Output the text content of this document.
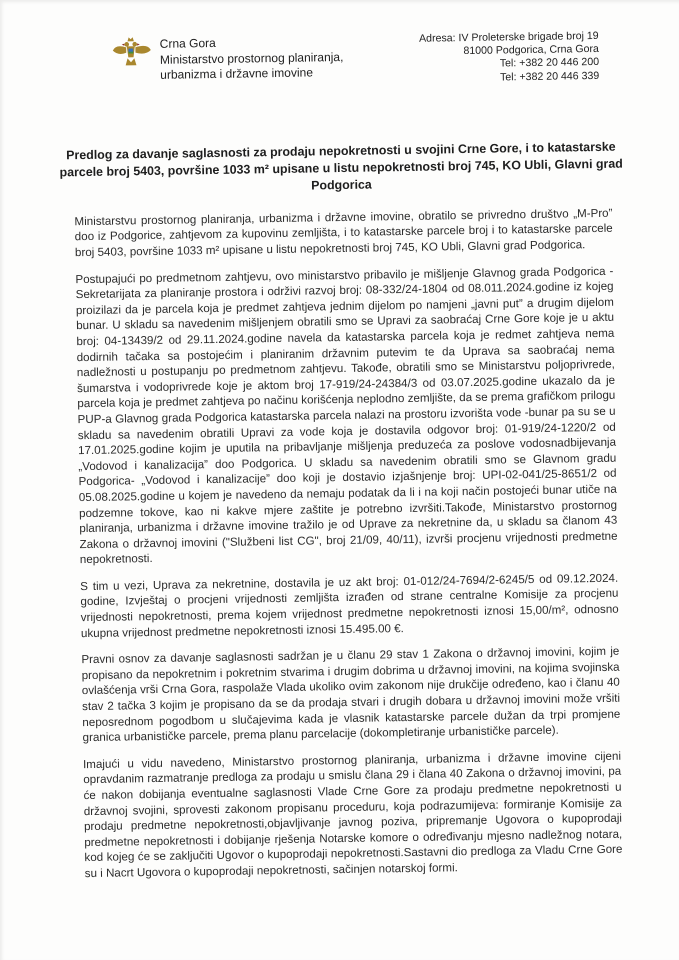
Crna Gora
Ministarstvo prostornog planiranja,
urbanizma i državne imovine
Adresa: IV Proleterske brigade broj 19
81000 Podgorica, Crna Gora
Tel: +382 20 446 200
Tel: +382 20 446 339
Predlog za davanje saglasnosti za prodaju nepokretnosti u svojini Crne Gore, i to katastarske parcele broj 5403, površine 1033 m² upisane u listu nepokretnosti broj 745, KO Ubli, Glavni grad Podgorica

Ministarstvu prostornog planiranja, urbanizma i državne imovine, obratilo se privredno društvo „M-Pro” doo iz Podgorice, zahtjevom za kupovinu zemljišta, i to katastarske parcele broj i to katastarske parcele broj 5403, površine 1033 m² upisane u listu nepokretnosti broj 745, KO Ubli, Glavni grad Podgorica.

Postupajući po predmetnom zahtjevu, ovo ministarstvo pribavilo je mišljenje Glavnog grada Podgorica -Sekretarijata za planiranje prostora i održivi razvoj broj: 08-332/24-1804 od 08.011.2024.godine iz kojeg proizilazi da je parcela koja je predmet zahtjeva jednim dijelom po namjeni „javni put” a drugim dijelom bunar. U skladu sa navedenim mišljenjem obratili smo se Upravi za saobraćaj Crne Gore koje je u aktu broj: 04-13439/2 od 29.11.2024.godine navela da katastarska parcela koja je redmet zahtjeva nema dodirnih tačaka sa postojećim i planiranim državnim putevim te da Uprava sa saobraćaj nema nadležnosti u postupanju po predmetnom zahtjevu. Takođe, obratili smo se Ministarstvu poljoprivrede, šumarstva i vodoprivrede koje je aktom broj 17-919/24-24384/3 od 03.07.2025.godine ukazalo da je parcela koja je predmet zahtjeva po načinu korišćenja neplodno zemljište, da se prema grafičkom prilogu PUP-a Glavnog grada Podgorica katastarska parcela nalazi na prostoru izvorišta vode -bunar pa su se u skladu sa navedenim obratili Upravi za vode koja je dostavila odgovor broj: 01-919/24-1220/2 od 17.01.2025.godine kojim je uputila na pribavljanje mišljenja preduzeća za poslove vodosnadbijevanja „Vodovod i kanalizacija” doo Podgorica. U skladu sa navedenim obratili smo se Glavnom gradu Podgorica- „Vodovod i kanalizacije” doo koji je dostavio izjašnjenje broj: UPI-02-041/25-8651/2 od 05.08.2025.godine u kojem je navedeno da nemaju podatak da li i na koji način postojeći bunar utiče na podzemne tokove, kao ni kakve mjere zaštite je potrebno izvršiti.Takođe, Ministarstvo prostornog planiranja, urbanizma i državne imovine tražilo je od Uprave za nekretnine da, u skladu sa članom 43 Zakona o državnoj imovini ("Službeni list CG", broj 21/09, 40/11), izvrši procjenu vrijednosti predmetne nepokretnosti.

S tim u vezi, Uprava za nekretnine, dostavila je uz akt broj: 01-012/24-7694/2-6245/5 od 09.12.2024. godine, Izvještaj o procjeni vrijednosti zemljišta izrađen od strane centralne Komisije za procjenu vrijednosti nepokretnosti, prema kojem vrijednost predmetne nepokretnosti iznosi 15,00/m², odnosno ukupna vrijednost predmetne nepokretnosti iznosi 15.495.00 €.

Pravni osnov za davanje saglasnosti sadržan je u članu 29 stav 1 Zakona o državnoj imovini, kojim je propisano da nepokretnim i pokretnim stvarima i drugim dobrima u državnoj imovini, na kojima svojinska ovlašćenja vrši Crna Gora, raspolaže Vlada ukoliko ovim zakonom nije drukčije određeno, kao i članu 40 stav 2 tačka 3 kojim je propisano da se da prodaja stvari i drugih dobara u državnoj imovini može vršiti neposrednom pogodbom u slučajevima kada je vlasnik katastarske parcele dužan da trpi promjene granica urbanističke parcele, prema planu parcelacije (dokompletiranje urbanističke parcele).

Imajući u vidu navedeno, Ministarstvo prostornog planiranja, urbanizma i državne imovine cijeni opravdanim razmatranje predloga za prodaju u smislu člana 29 i člana 40 Zakona o državnoj imovini, pa će nakon dobijanja eventualne saglasnosti Vlade Crne Gore za prodaju predmetne nepokretnosti u državnoj svojini, sprovesti zakonom propisanu proceduru, koja podrazumijeva: formiranje Komisije za prodaju predmetne nepokretnosti,objavljivanje javnog poziva, pripremanje Ugovora o kupoprodaji predmetne nepokretnosti i dobijanje rješenja Notarske komore o određivanju mjesno nadležnog notara, kod kojeg će se zaključiti Ugovor o kupoprodaji nepokretnosti.Sastavni dio predloga za Vladu Crne Gore su i Nacrt Ugovora o kupoprodaji nepokretnosti, sačinjen notarskoj formi.
